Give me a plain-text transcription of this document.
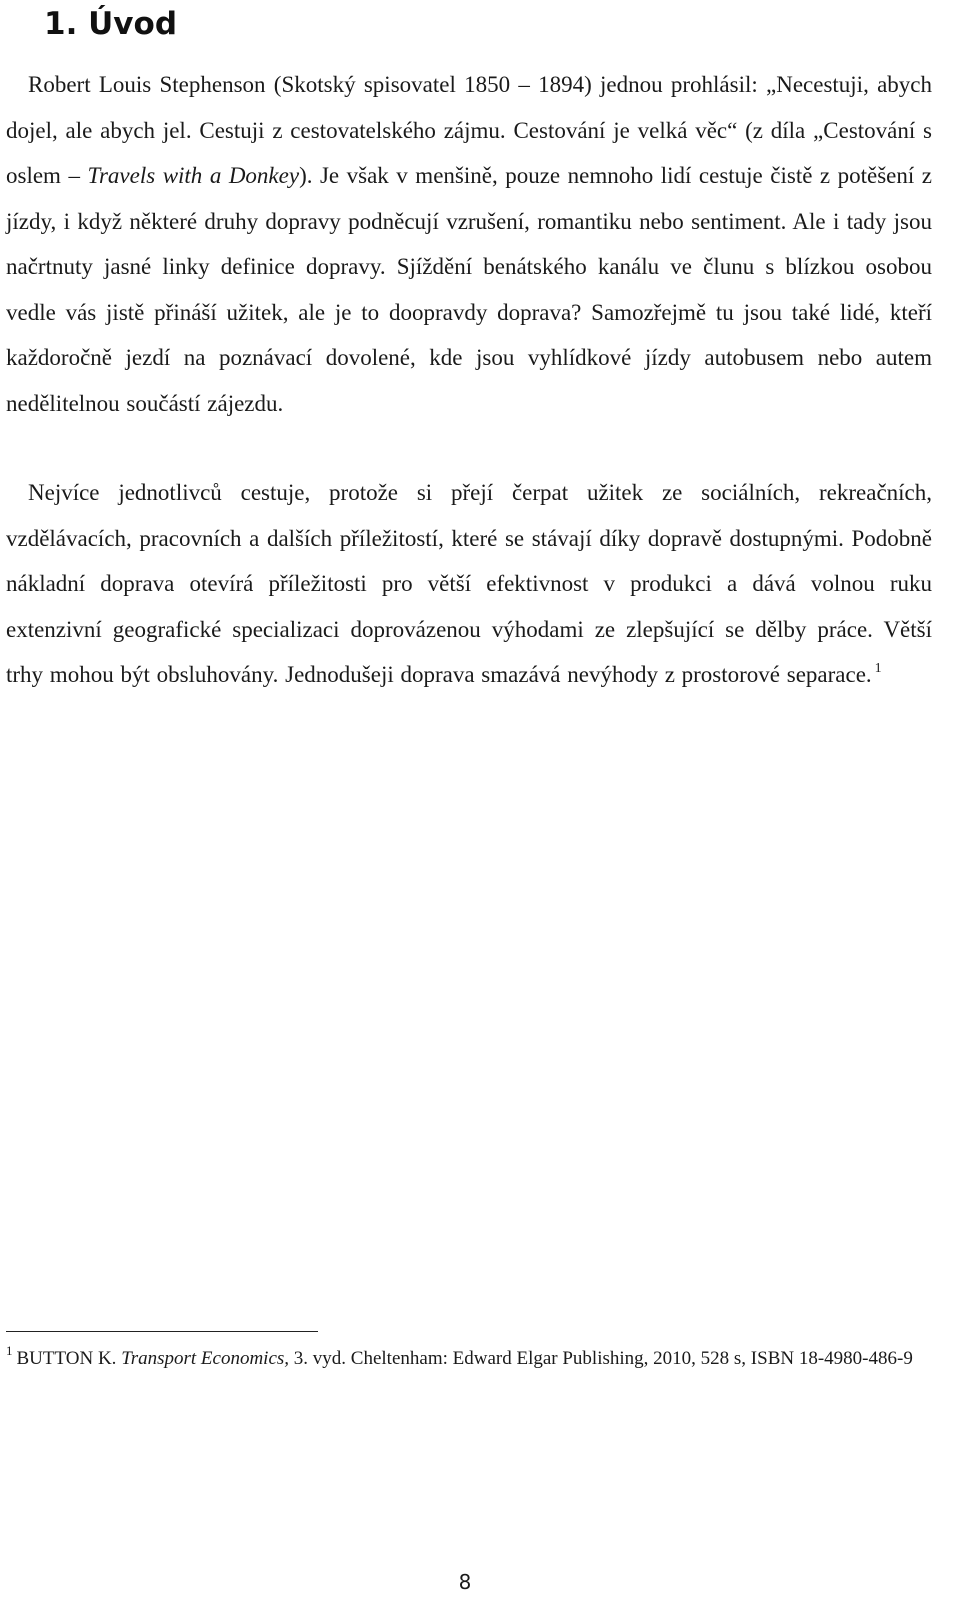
1. Úvod

Robert Louis Stephenson (Skotský spisovatel 1850 – 1894) jednou prohlásil: „Necestuji, abych dojel, ale abych jel. Cestuji z cestovatelského zájmu. Cestování je velká věc“ (z díla „Cestování s oslem – Travels with a Donkey). Je však v menšině, pouze nemnoho lidí cestuje čistě z potěšení z jízdy, i když některé druhy dopravy podněcují vzrušení, romantiku nebo sentiment. Ale i tady jsou načrtnuty jasné linky definice dopravy. Sjíždění benátského kanálu ve člunu s blízkou osobou vedle vás jistě přináší užitek, ale je to doopravdy doprava? Samozřejmě tu jsou také lidé, kteří každoročně jezdí na poznávací dovolené, kde jsou vyhlídkové jízdy autobusem nebo autem nedělitelnou součástí zájezdu.

Nejvíce jednotlivců cestuje, protože si přejí čerpat užitek ze sociálních, rekreačních, vzdělávacích, pracovních a dalších příležitostí, které se stávají díky dopravě dostupnými. Podobně nákladní doprava otevírá příležitosti pro větší efektivnost v produkci a dává volnou ruku extenzivní geografické specializaci doprovázenou výhodami ze zlepšující se dělby práce. Větší trhy mohou být obsluhovány. Jednodušeji doprava smazává nevýhody z prostorové separace. $^1$

$^1$ BUTTON K. Transport Economics, 3. vyd. Cheltenham: Edward Elgar Publishing, 2010, 528 s, ISBN 18-4980-486-9

8
